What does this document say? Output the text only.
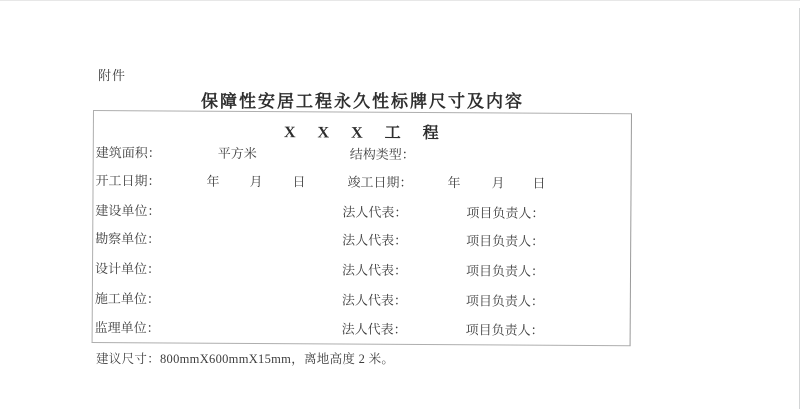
附件
保障性安居工程永久性标牌尺寸及内容
X X X 工 程
建筑面积：	平方米	结构类型：
开工日期：	年 月 日	竣工日期：	年 月 日
建设单位：	法人代表：	项目负责人：
勘察单位：	法人代表：	项目负责人：
设计单位：	法人代表：	项目负责人：
施工单位：	法人代表：	项目负责人：
监理单位：	法人代表：	项目负责人：
建议尺寸：800mmX600mmX15mm，离地高度 2 米。
